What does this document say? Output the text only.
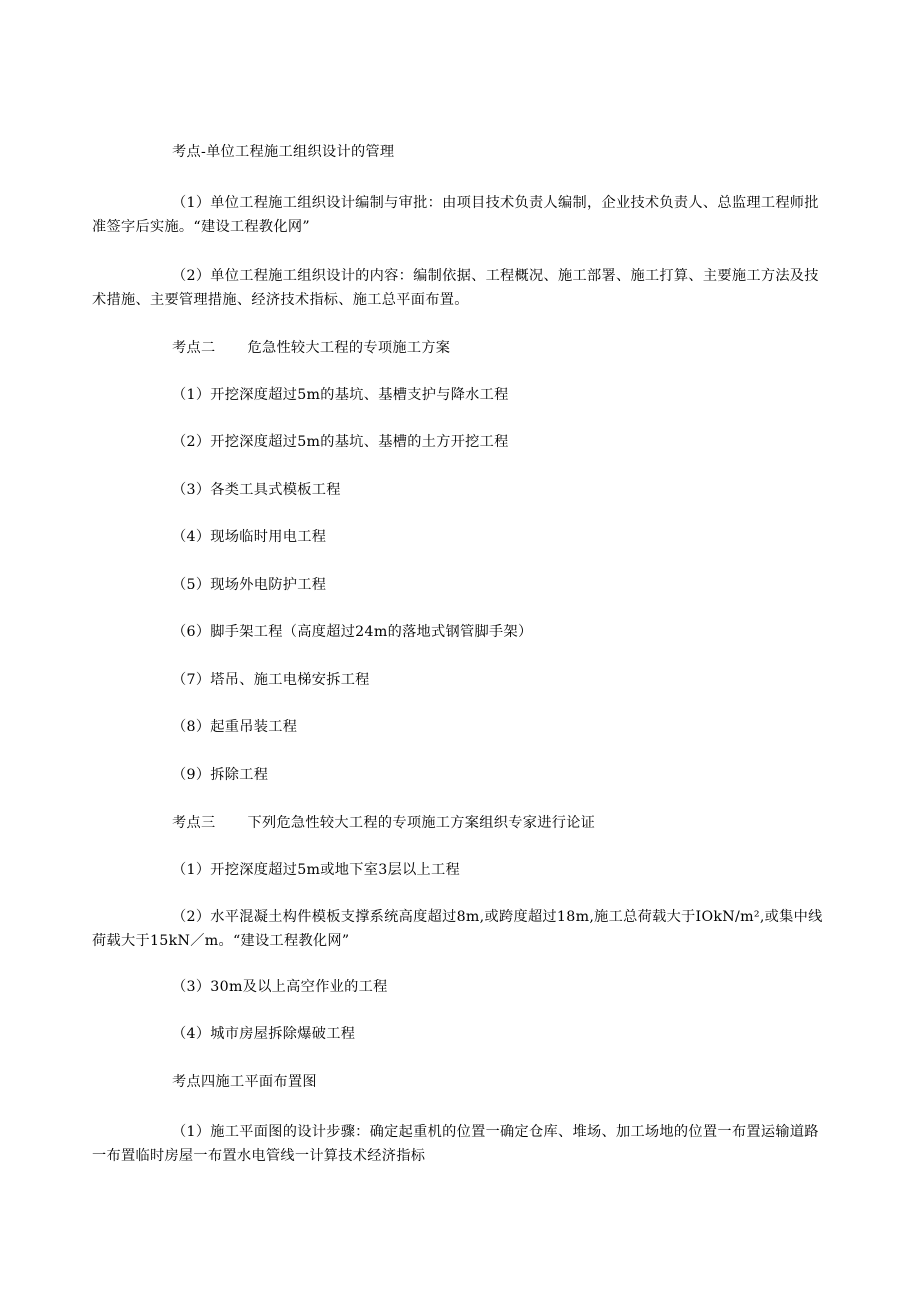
考点-单位工程施工组织设计的管理
（1）单位工程施工组织设计编制与审批：由项目技术负责人编制，企业技术负责人、总监理工程师批准签字后实施。“建设工程教化网”
（2）单位工程施工组织设计的内容：编制依据、工程概况、施工部署、施工打算、主要施工方法及技术措施、主要管理措施、经济技术指标、施工总平面布置。
考点二 危急性较大工程的专项施工方案
（1）开挖深度超过5m的基坑、基槽支护与降水工程
（2）开挖深度超过5m的基坑、基槽的土方开挖工程
（3）各类工具式模板工程
（4）现场临时用电工程
（5）现场外电防护工程
（6）脚手架工程（高度超过24m的落地式钢管脚手架）
（7）塔吊、施工电梯安拆工程
（8）起重吊装工程
（9）拆除工程
考点三 下列危急性较大工程的专项施工方案组织专家进行论证
（1）开挖深度超过5m或地下室3层以上工程
（2）水平混凝土构件模板支撑系统高度超过8m,或跨度超过18m,施工总荷载大于IOkN/m²,或集中线荷载大于15kN／m。“建设工程教化网”
（3）30m及以上高空作业的工程
（4）城市房屋拆除爆破工程
考点四施工平面布置图
（1）施工平面图的设计步骤：确定起重机的位置一确定仓库、堆场、加工场地的位置一布置运输道路一布置临时房屋一布置水电管线一计算技术经济指标
